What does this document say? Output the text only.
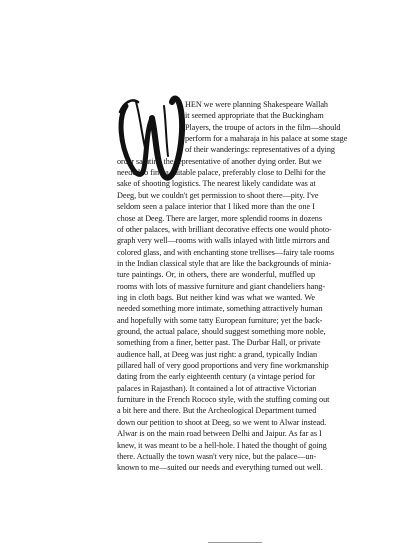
HEN we were planning Shakespeare Wallah
it seemed appropriate that the Buckingham
Players, the troupe of actors in the film—should
perform for a maharaja in his palace at some stage
of their wanderings: representatives of a dying
order saluting the representative of another dying order. But we
needed to find a suitable palace, preferably close to Delhi for the
sake of shooting logistics. The nearest likely candidate was at
Deeg, but we couldn't get permission to shoot there—pity. I've
seldom seen a palace interior that I liked more than the one I
chose at Deeg. There are larger, more splendid rooms in dozens
of other palaces, with brilliant decorative effects one would photo-
graph very well—rooms with walls inlayed with little mirrors and
colored glass, and with enchanting stone trellises—fairy tale rooms
in the Indian classical style that are like the backgrounds of minia-
ture paintings. Or, in others, there are wonderful, muffled up
rooms with lots of massive furniture and giant chandeliers hang-
ing in cloth bags. But neither kind was what we wanted. We
needed something more intimate, something attractively human
and hopefully with some tatty European furniture; yet the back-
ground, the actual palace, should suggest something more noble,
something from a finer, better past. The Durbar Hall, or private
audience hall, at Deeg was just right: a grand, typically Indian
pillared hall of very good proportions and very fine workmanship
dating from the early eighteenth century (a vintage period for
palaces in Rajasthan). It contained a lot of attractive Victorian
furniture in the French Rococo style, with the stuffing coming out
a bit here and there. But the Archeological Department turned
down our petition to shoot at Deeg, so we went to Alwar instead.
Alwar is on the main road between Delhi and Jaipur. As far as I
knew, it was meant to be a hell-hole. I hated the thought of going
there. Actually the town wasn't very nice, but the palace—un-
known to me—suited our needs and everything turned out well.
